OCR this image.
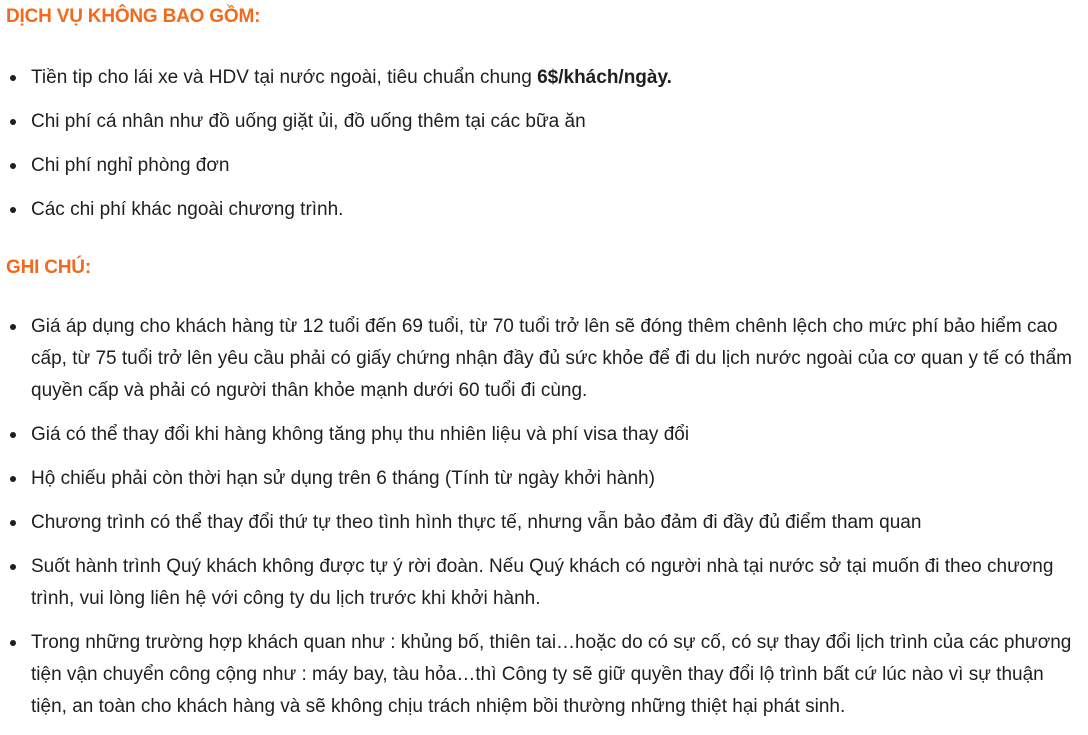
DỊCH VỤ KHÔNG BAO GỒM:
Tiền tip cho lái xe và HDV tại nước ngoài, tiêu chuẩn chung 6$/khách/ngày.
Chi phí cá nhân như đồ uống giặt ủi, đồ uống thêm tại các bữa ăn
Chi phí nghỉ phòng đơn
Các chi phí khác ngoài chương trình.
GHI CHÚ:
Giá áp dụng cho khách hàng từ 12 tuổi đến 69 tuổi, từ 70 tuổi trở lên sẽ đóng thêm chênh lệch cho mức phí bảo hiểm cao cấp, từ 75 tuổi trở lên yêu cầu phải có giấy chứng nhận đầy đủ sức khỏe để đi du lịch nước ngoài của cơ quan y tế có thẩm quyền cấp và phải có người thân khỏe mạnh dưới 60 tuổi đi cùng.
Giá có thể thay đổi khi hàng không tăng phụ thu nhiên liệu và phí visa thay đổi
Hộ chiếu phải còn thời hạn sử dụng trên 6 tháng (Tính từ ngày khởi hành)
Chương trình có thể thay đổi thứ tự theo tình hình thực tế, nhưng vẫn bảo đảm đi đầy đủ điểm tham quan
Suốt hành trình Quý khách không được tự ý rời đoàn. Nếu Quý khách có người nhà tại nước sở tại muốn đi theo chương trình, vui lòng liên hệ với công ty du lịch trước khi khởi hành.
Trong những trường hợp khách quan như : khủng bố, thiên tai…hoặc do có sự cố, có sự thay đổi lịch trình của các phương tiện vận chuyển công cộng như : máy bay, tàu hỏa…thì Công ty sẽ giữ quyền thay đổi lộ trình bất cứ lúc nào vì sự thuận tiện, an toàn cho khách hàng và sẽ không chịu trách nhiệm bồi thường những thiệt hại phát sinh.
